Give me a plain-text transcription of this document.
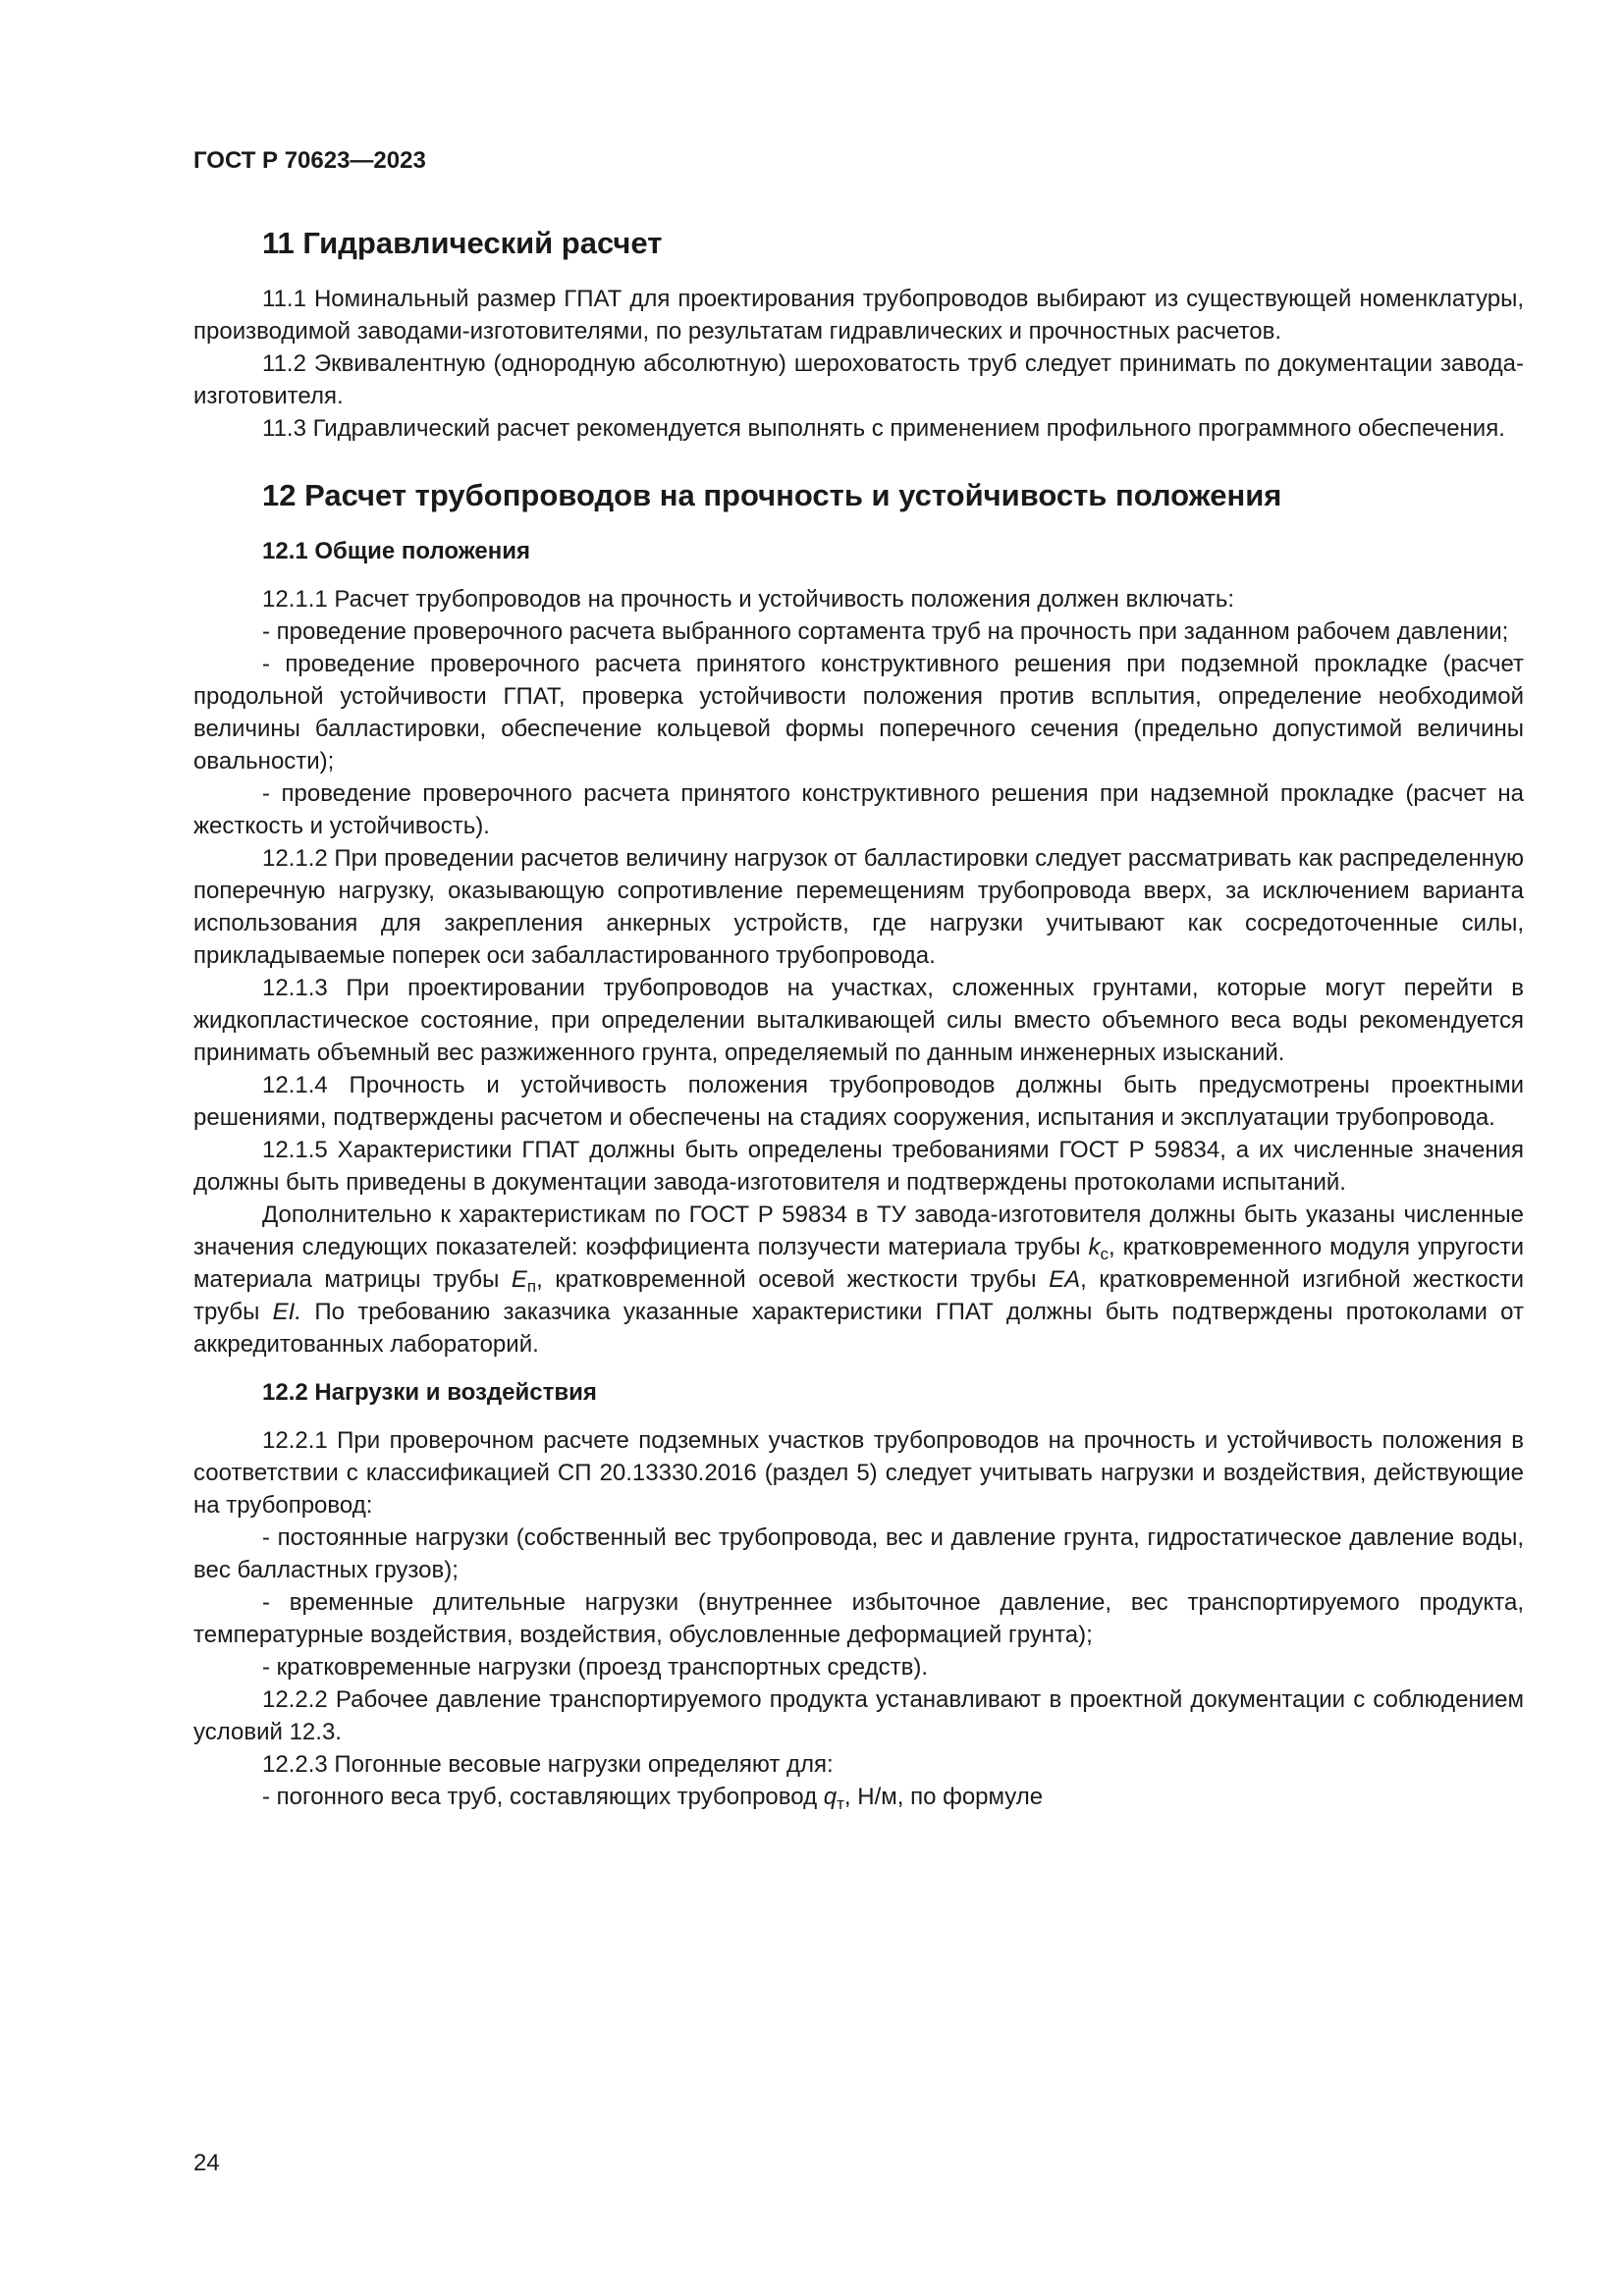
ГОСТ Р 70623—2023
11 Гидравлический расчет

11.1 Номинальный размер ГПАТ для проектирования трубопроводов выбирают из существующей номенклатуры, производимой заводами-изготовителями, по результатам гидравлических и прочностных расчетов.

11.2 Эквивалентную (однородную абсолютную) шероховатость труб следует принимать по документации завода-изготовителя.

11.3 Гидравлический расчет рекомендуется выполнять с применением профильного программного обеспечения.

12 Расчет трубопроводов на прочность и устойчивость положения
12.1 Общие положения

12.1.1 Расчет трубопроводов на прочность и устойчивость положения должен включать:

- проведение проверочного расчета выбранного сортамента труб на прочность при заданном рабочем давлении;

- проведение проверочного расчета принятого конструктивного решения при подземной прокладке (расчет продольной устойчивости ГПАТ, проверка устойчивости положения против всплытия, определение необходимой величины балластировки, обеспечение кольцевой формы поперечного сечения (предельно допустимой величины овальности);

- проведение проверочного расчета принятого конструктивного решения при надземной прокладке (расчет на жесткость и устойчивость).

12.1.2 При проведении расчетов величину нагрузок от балластировки следует рассматривать как распределенную поперечную нагрузку, оказывающую сопротивление перемещениям трубопровода вверх, за исключением варианта использования для закрепления анкерных устройств, где нагрузки учитывают как сосредоточенные силы, прикладываемые поперек оси забалластированного трубопровода.

12.1.3 При проектировании трубопроводов на участках, сложенных грунтами, которые могут перейти в жидкопластическое состояние, при определении выталкивающей силы вместо объемного веса воды рекомендуется принимать объемный вес разжиженного грунта, определяемый по данным инженерных изысканий.

12.1.4 Прочность и устойчивость положения трубопроводов должны быть предусмотрены проектными решениями, подтверждены расчетом и обеспечены на стадиях сооружения, испытания и эксплуатации трубопровода.

12.1.5 Характеристики ГПАТ должны быть определены требованиями ГОСТ Р 59834, а их численные значения должны быть приведены в документации завода-изготовителя и подтверждены протоколами испытаний.

Дополнительно к характеристикам по ГОСТ Р 59834 в ТУ завода-изготовителя должны быть указаны численные значения следующих показателей: коэффициента ползучести материала трубы $k_c$, кратковременного модуля упругости материала матрицы трубы $E_п$, кратковременной осевой жесткости трубы EA, кратковременной изгибной жесткости трубы EI. По требованию заказчика указанные характеристики ГПАТ должны быть подтверждены протоколами от аккредитованных лабораторий.

12.2 Нагрузки и воздействия

12.2.1 При проверочном расчете подземных участков трубопроводов на прочность и устойчивость положения в соответствии с классификацией СП 20.13330.2016 (раздел 5) следует учитывать нагрузки и воздействия, действующие на трубопровод:

- постоянные нагрузки (собственный вес трубопровода, вес и давление грунта, гидростатическое давление воды, вес балластных грузов);

- временные длительные нагрузки (внутреннее избыточное давление, вес транспортируемого продукта, температурные воздействия, воздействия, обусловленные деформацией грунта);

- кратковременные нагрузки (проезд транспортных средств).

12.2.2 Рабочее давление транспортируемого продукта устанавливают в проектной документации с соблюдением условий 12.3.

12.2.3 Погонные весовые нагрузки определяют для:

- погонного веса труб, составляющих трубопровод $q_т$, Н/м, по формуле

24
